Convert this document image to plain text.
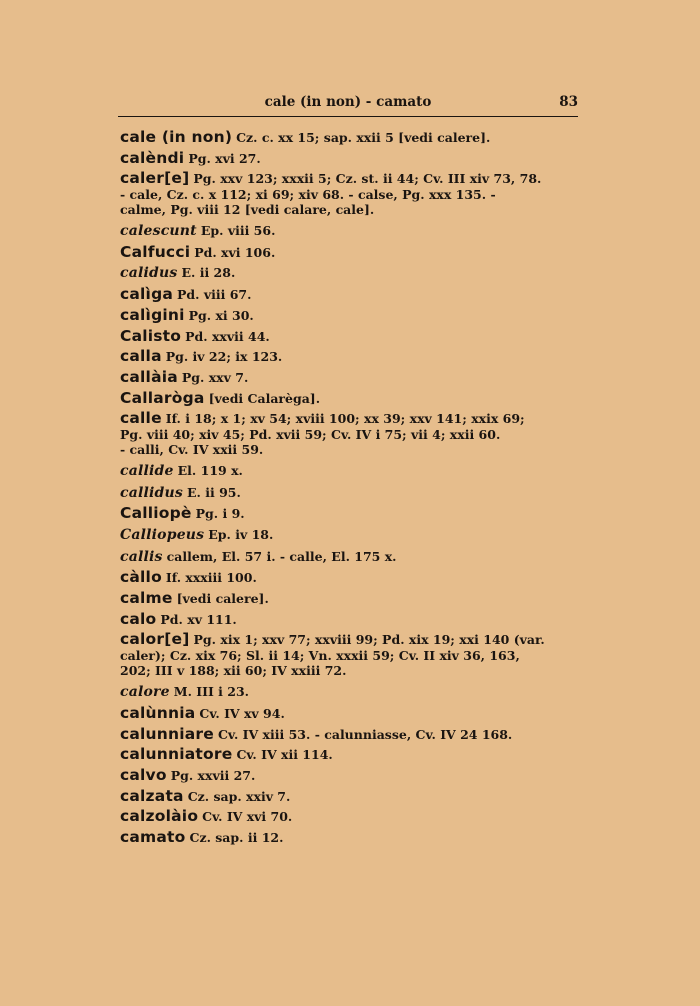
cale (in non) - camato	83
cale (in non) Cz. c. xx 15; sap. xxii 5 [vedi calere].
calèndi Pg. xvi 27.
caler[e] Pg. xxv 123; xxxii 5; Cz. st. ii 44; Cv. III xiv 73, 78.
- cale, Cz. c. x 112; xi 69; xiv 68. - calse, Pg. xxx 135. -
calme, Pg. viii 12 [vedi calare, cale].
calescunt Ep. viii 56.
Calfucci Pd. xvi 106.
calidus E. ii 28.
calìga Pd. viii 67.
calìgini Pg. xi 30.
Calisto Pd. xxvii 44.
calla Pg. iv 22; ix 123.
callàia Pg. xxv 7.
Callaròga [vedi Calarèga].
calle If. i 18; x 1; xv 54; xviii 100; xx 39; xxv 141; xxix 69;
Pg. viii 40; xiv 45; Pd. xvii 59; Cv. IV i 75; vii 4; xxii 60.
- calli, Cv. IV xxii 59.
callide El. 119 x.
callidus E. ii 95.
Calliopè Pg. i 9.
Calliopeus Ep. iv 18.
callis callem, El. 57 i. - calle, El. 175 x.
càllo If. xxxiii 100.
calme [vedi calere].
calo Pd. xv 111.
calor[e] Pg. xix 1; xxv 77; xxviii 99; Pd. xix 19; xxi 140 (var.
caler); Cz. xix 76; Sl. ii 14; Vn. xxxii 59; Cv. II xiv 36, 163,
202; III v 188; xii 60; IV xxiii 72.
calore M. III i 23.
calùnnia Cv. IV xv 94.
calunniare Cv. IV xiii 53. - calunniasse, Cv. IV 24 168.
calunniatore Cv. IV xii 114.
calvo Pg. xxvii 27.
calzata Cz. sap. xxiv 7.
calzolàio Cv. IV xvi 70.
camato Cz. sap. ii 12.
